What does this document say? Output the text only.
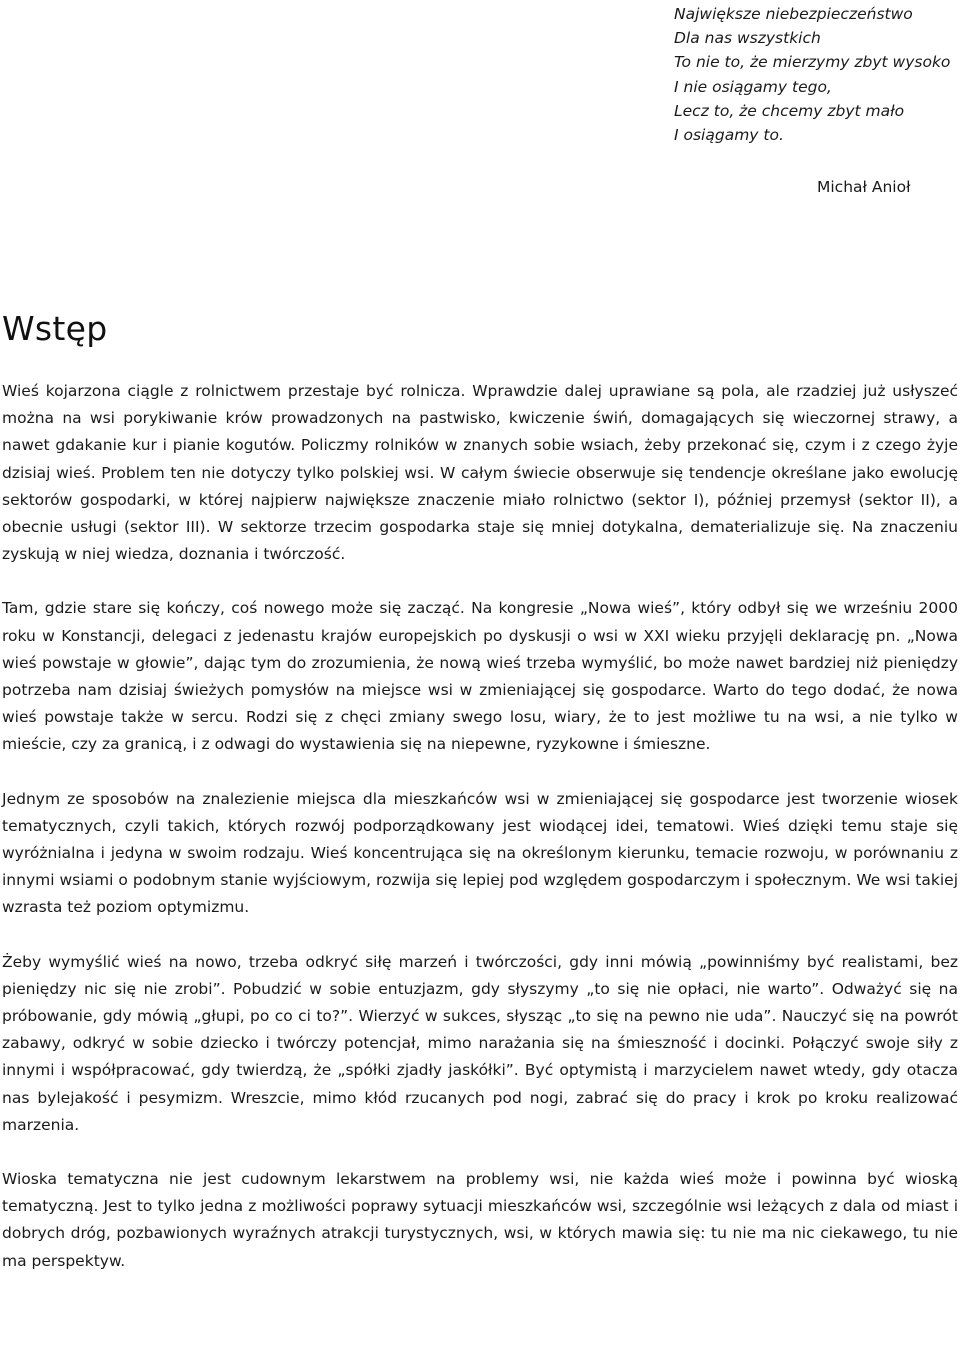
Największe niebezpieczeństwo
Dla nas wszystkich
To nie to, że mierzymy zbyt wysoko
I nie osiągamy tego,
Lecz to, że chcemy zbyt mało
I osiągamy to.
Michał Anioł
Wstęp

Wieś kojarzona ciągle z rolnictwem przestaje być rolnicza. Wprawdzie dalej uprawiane są pola, ale rzadziej już usłyszeć można na wsi porykiwanie krów prowadzonych na pastwisko, kwiczenie świń, domagających się wieczornej strawy, a nawet gdakanie kur i pianie kogutów. Policzmy rolników w znanych sobie wsiach, żeby przekonać się, czym i z czego żyje dzisiaj wieś. Problem ten nie dotyczy tylko polskiej wsi. W całym świecie obserwuje się tendencje określane jako ewolucję sektorów gospodarki, w której najpierw największe znaczenie miało rolnictwo (sektor I), później przemysł (sektor II), a obecnie usługi (sektor III). W sektorze trzecim gospodarka staje się mniej dotykalna, dematerializuje się. Na znaczeniu zyskują w niej wiedza, doznania i twórczość.

Tam, gdzie stare się kończy, coś nowego może się zacząć. Na kongresie „Nowa wieś”, który odbył się we wrześniu 2000 roku w Konstancji, delegaci z jedenastu krajów europejskich po dyskusji o wsi w XXI wieku przyjęli deklarację pn. „Nowa wieś powstaje w głowie”, dając tym do zrozumienia, że nową wieś trzeba wymyślić, bo może nawet bardziej niż pieniędzy potrzeba nam dzisiaj świeżych pomysłów na miejsce wsi w zmieniającej się gospodarce. Warto do tego dodać, że nowa wieś powstaje także w sercu. Rodzi się z chęci zmiany swego losu, wiary, że to jest możliwe tu na wsi, a nie tylko w mieście, czy za granicą, i z odwagi do wystawienia się na niepewne, ryzykowne i śmieszne.

Jednym ze sposobów na znalezienie miejsca dla mieszkańców wsi w zmieniającej się gospodarce jest tworzenie wiosek tematycznych, czyli takich, których rozwój podporządkowany jest wiodącej idei, tematowi. Wieś dzięki temu staje się wyróżnialna i jedyna w swoim rodzaju. Wieś koncentrująca się na określonym kierunku, temacie rozwoju, w porównaniu z innymi wsiami o podobnym stanie wyjściowym, rozwija się lepiej pod względem gospodarczym i społecznym. We wsi takiej wzrasta też poziom optymizmu.

Żeby wymyślić wieś na nowo, trzeba odkryć siłę marzeń i twórczości, gdy inni mówią „powinniśmy być realistami, bez pieniędzy nic się nie zrobi”. Pobudzić w sobie entuzjazm, gdy słyszymy „to się nie opłaci, nie warto”. Odważyć się na próbowanie, gdy mówią „głupi, po co ci to?”. Wierzyć w sukces, słysząc „to się na pewno nie uda”. Nauczyć się na powrót zabawy, odkryć w sobie dziecko i twórczy potencjał, mimo narażania się na śmieszność i docinki. Połączyć swoje siły z innymi i współpracować, gdy twierdzą, że „spółki zjadły jaskółki”. Być optymistą i marzycielem nawet wtedy, gdy otacza nas bylejakość i pesymizm. Wreszcie, mimo kłód rzucanych pod nogi, zabrać się do pracy i krok po kroku realizować marzenia.

Wioska tematyczna nie jest cudownym lekarstwem na problemy wsi, nie każda wieś może i powinna być wioską tematyczną. Jest to tylko jedna z możliwości poprawy sytuacji mieszkańców wsi, szczególnie wsi leżących z dala od miast i dobrych dróg, pozbawionych wyraźnych atrakcji turystycznych, wsi, w których mawia się: tu nie ma nic ciekawego, tu nie ma perspektyw.
